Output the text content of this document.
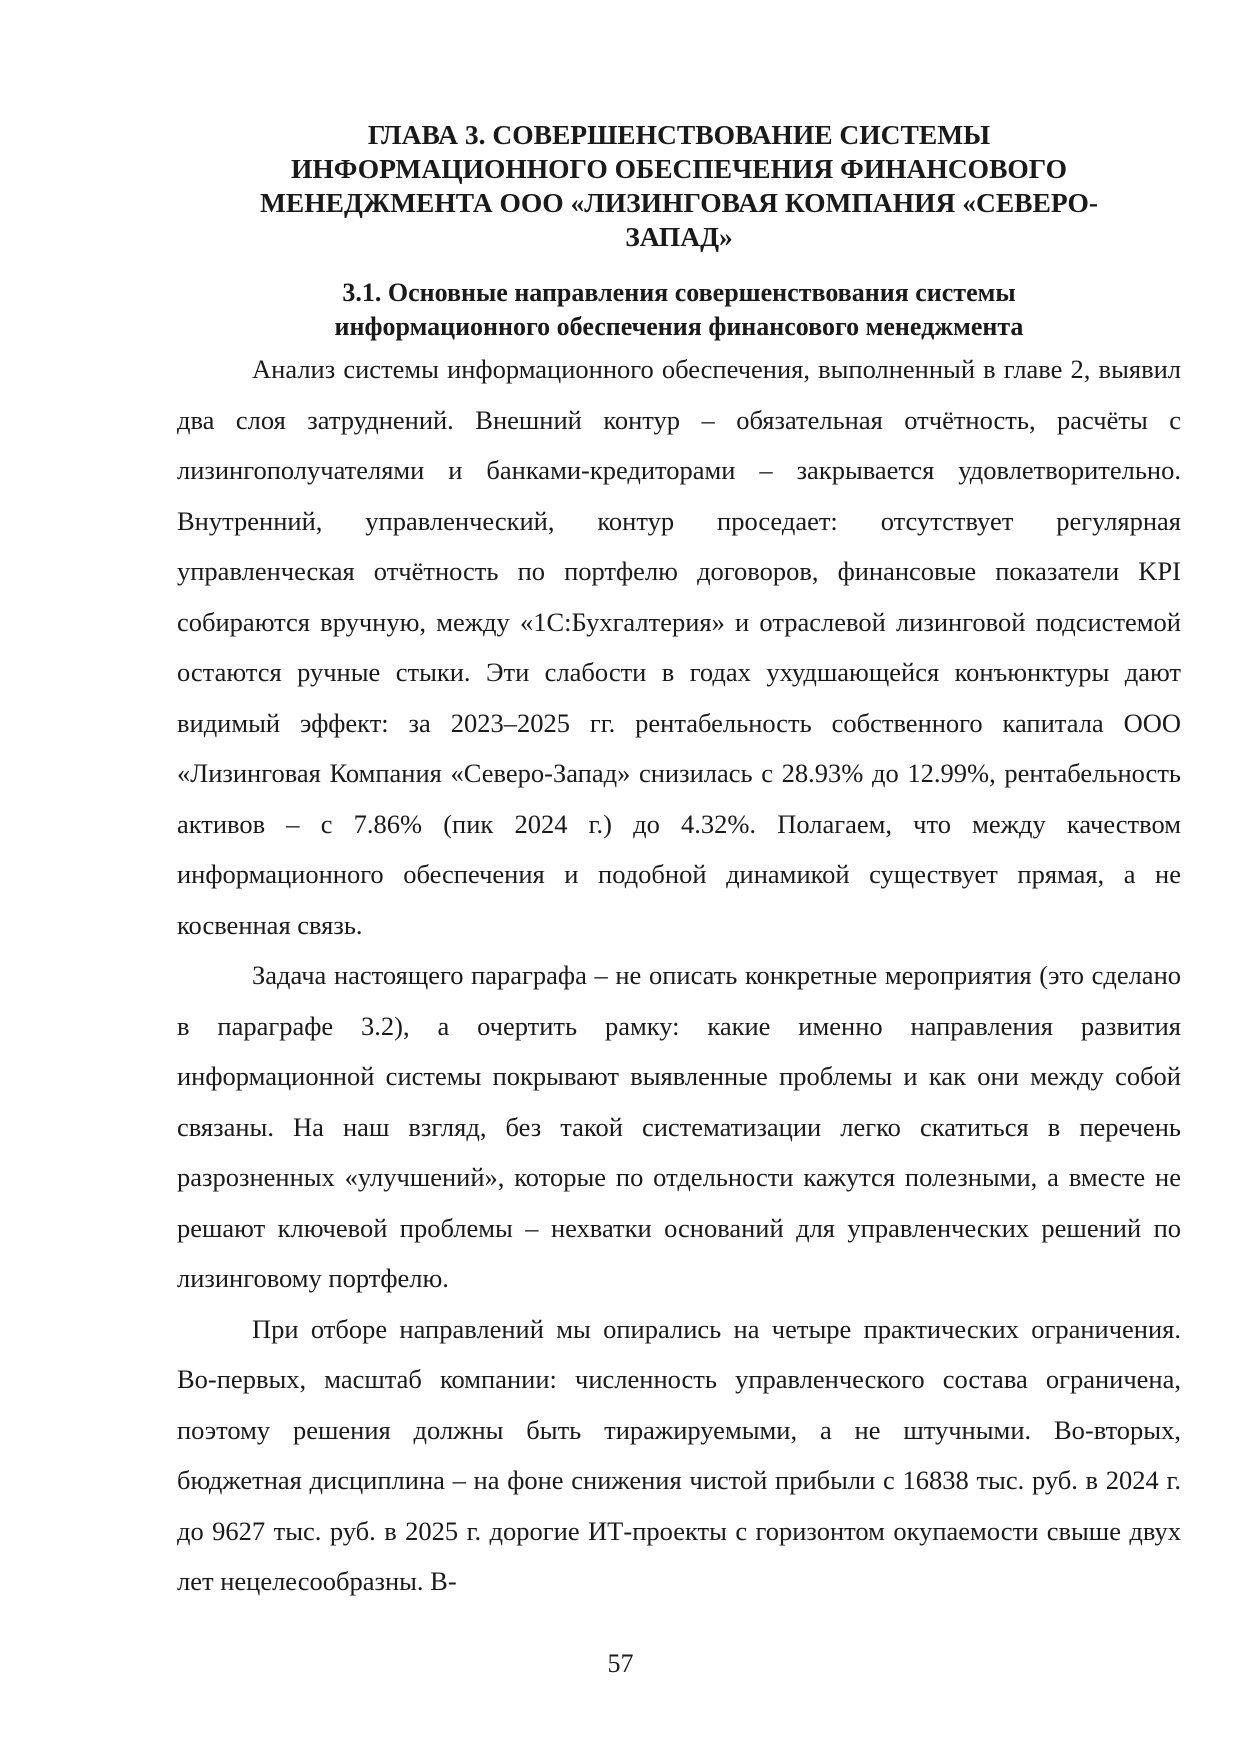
ГЛАВА 3. СОВЕРШЕНСТВОВАНИЕ СИСТЕМЫ ИНФОРМАЦИОННОГО ОБЕСПЕЧЕНИЯ ФИНАНСОВОГО МЕНЕДЖМЕНТА ООО «ЛИЗИНГОВАЯ КОМПАНИЯ «СЕВЕРО-ЗАПАД»
3.1. Основные направления совершенствования системы информационного обеспечения финансового менеджмента

Анализ системы информационного обеспечения, выполненный в главе 2, выявил два слоя затруднений. Внешний контур – обязательная отчётность, расчёты с лизингополучателями и банками-кредиторами – закрывается удовлетворительно. Внутренний, управленческий, контур проседает: отсутствует регулярная управленческая отчётность по портфелю договоров, финансовые показатели KPI собираются вручную, между «1С:Бухгалтерия» и отраслевой лизинговой подсистемой остаются ручные стыки. Эти слабости в годах ухудшающейся конъюнктуры дают видимый эффект: за 2023–2025 гг. рентабельность собственного капитала ООО «Лизинговая Компания «Северо-Запад» снизилась с 28.93% до 12.99%, рентабельность активов – с 7.86% (пик 2024 г.) до 4.32%. Полагаем, что между качеством информационного обеспечения и подобной динамикой существует прямая, а не косвенная связь.

Задача настоящего параграфа – не описать конкретные мероприятия (это сделано в параграфе 3.2), а очертить рамку: какие именно направления развития информационной системы покрывают выявленные проблемы и как они между собой связаны. На наш взгляд, без такой систематизации легко скатиться в перечень разрозненных «улучшений», которые по отдельности кажутся полезными, а вместе не решают ключевой проблемы – нехватки оснований для управленческих решений по лизинговому портфелю.

При отборе направлений мы опирались на четыре практических ограничения. Во-первых, масштаб компании: численность управленческого состава ограничена, поэтому решения должны быть тиражируемыми, а не штучными. Во-вторых, бюджетная дисциплина – на фоне снижения чистой прибыли с 16838 тыс. руб. в 2024 г. до 9627 тыс. руб. в 2025 г. дорогие ИТ-проекты с горизонтом окупаемости свыше двух лет нецелесообразны. В-

57
